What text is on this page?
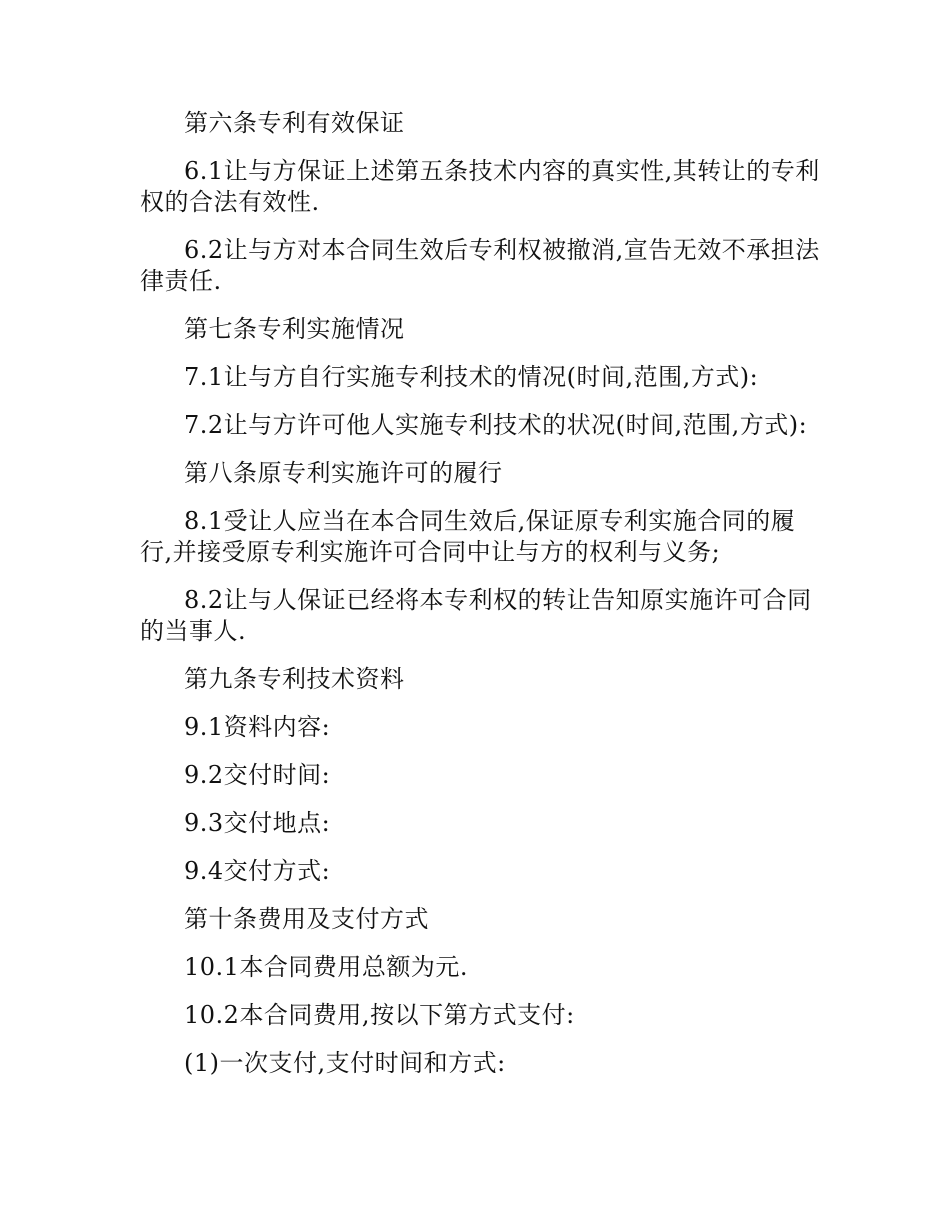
第六条专利有效保证

6.1让与方保证上述第五条技术内容的真实性,其转让的专利权的合法有效性.

6.2让与方对本合同生效后专利权被撤消,宣告无效不承担法律责任.

第七条专利实施情况

7.1让与方自行实施专利技术的情况(时间,范围,方式):

7.2让与方许可他人实施专利技术的状况(时间,范围,方式):

第八条原专利实施许可的履行

8.1受让人应当在本合同生效后,保证原专利实施合同的履行,并接受原专利实施许可合同中让与方的权利与义务;

8.2让与人保证已经将本专利权的转让告知原实施许可合同的当事人.

第九条专利技术资料

9.1资料内容:

9.2交付时间:

9.3交付地点:

9.4交付方式:

第十条费用及支付方式

10.1本合同费用总额为元.

10.2本合同费用,按以下第方式支付:

(1)一次支付,支付时间和方式:
